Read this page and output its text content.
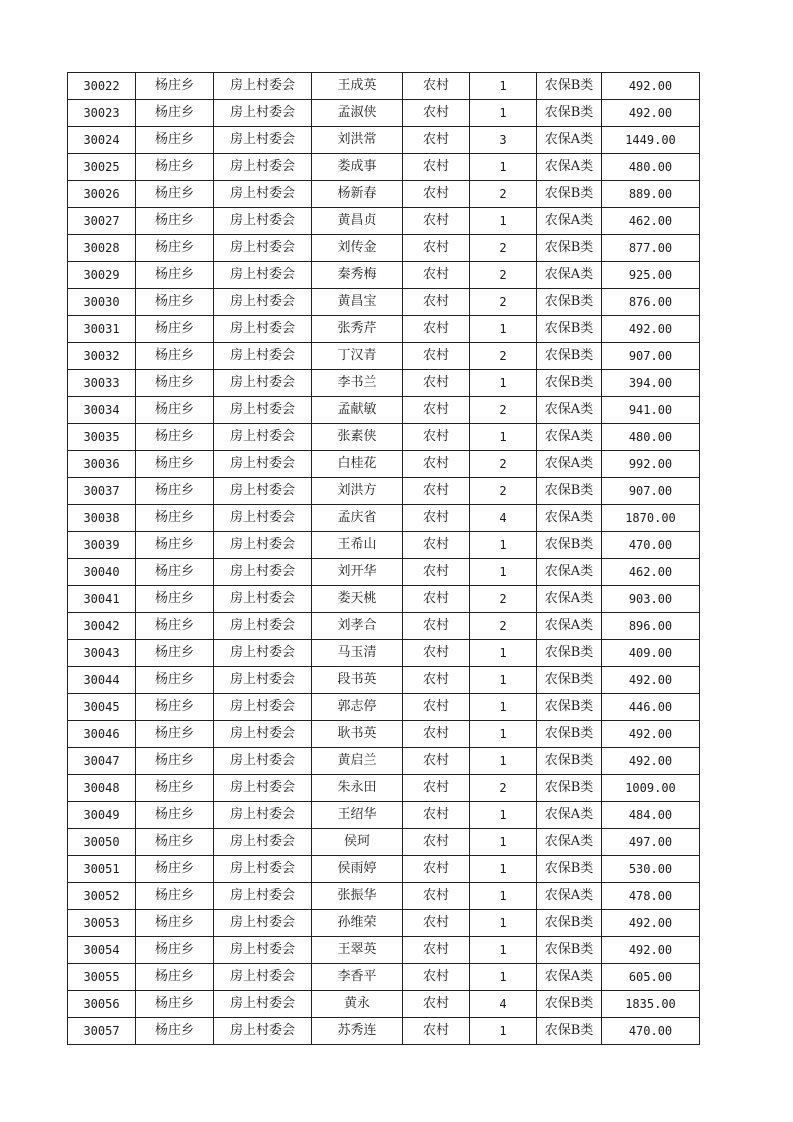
30022	杨庄乡	房上村委会	王成英	农村	1	农保B类	492.00
30023	杨庄乡	房上村委会	孟淑侠	农村	1	农保B类	492.00
30024	杨庄乡	房上村委会	刘洪常	农村	3	农保A类	1449.00
30025	杨庄乡	房上村委会	娄成事	农村	1	农保A类	480.00
30026	杨庄乡	房上村委会	杨新春	农村	2	农保B类	889.00
30027	杨庄乡	房上村委会	黄昌贞	农村	1	农保A类	462.00
30028	杨庄乡	房上村委会	刘传金	农村	2	农保B类	877.00
30029	杨庄乡	房上村委会	秦秀梅	农村	2	农保A类	925.00
30030	杨庄乡	房上村委会	黄昌宝	农村	2	农保B类	876.00
30031	杨庄乡	房上村委会	张秀芹	农村	1	农保B类	492.00
30032	杨庄乡	房上村委会	丁汉青	农村	2	农保B类	907.00
30033	杨庄乡	房上村委会	李书兰	农村	1	农保B类	394.00
30034	杨庄乡	房上村委会	孟献敏	农村	2	农保A类	941.00
30035	杨庄乡	房上村委会	张素侠	农村	1	农保A类	480.00
30036	杨庄乡	房上村委会	白桂花	农村	2	农保A类	992.00
30037	杨庄乡	房上村委会	刘洪方	农村	2	农保B类	907.00
30038	杨庄乡	房上村委会	孟庆省	农村	4	农保A类	1870.00
30039	杨庄乡	房上村委会	王希山	农村	1	农保B类	470.00
30040	杨庄乡	房上村委会	刘开华	农村	1	农保A类	462.00
30041	杨庄乡	房上村委会	娄天桃	农村	2	农保A类	903.00
30042	杨庄乡	房上村委会	刘孝合	农村	2	农保A类	896.00
30043	杨庄乡	房上村委会	马玉清	农村	1	农保B类	409.00
30044	杨庄乡	房上村委会	段书英	农村	1	农保B类	492.00
30045	杨庄乡	房上村委会	郭志停	农村	1	农保B类	446.00
30046	杨庄乡	房上村委会	耿书英	农村	1	农保B类	492.00
30047	杨庄乡	房上村委会	黄启兰	农村	1	农保B类	492.00
30048	杨庄乡	房上村委会	朱永田	农村	2	农保B类	1009.00
30049	杨庄乡	房上村委会	王绍华	农村	1	农保A类	484.00
30050	杨庄乡	房上村委会	侯珂	农村	1	农保A类	497.00
30051	杨庄乡	房上村委会	侯雨婷	农村	1	农保B类	530.00
30052	杨庄乡	房上村委会	张振华	农村	1	农保A类	478.00
30053	杨庄乡	房上村委会	孙维荣	农村	1	农保B类	492.00
30054	杨庄乡	房上村委会	王翠英	农村	1	农保B类	492.00
30055	杨庄乡	房上村委会	李香平	农村	1	农保A类	605.00
30056	杨庄乡	房上村委会	黄永	农村	4	农保B类	1835.00
30057	杨庄乡	房上村委会	苏秀连	农村	1	农保B类	470.00
